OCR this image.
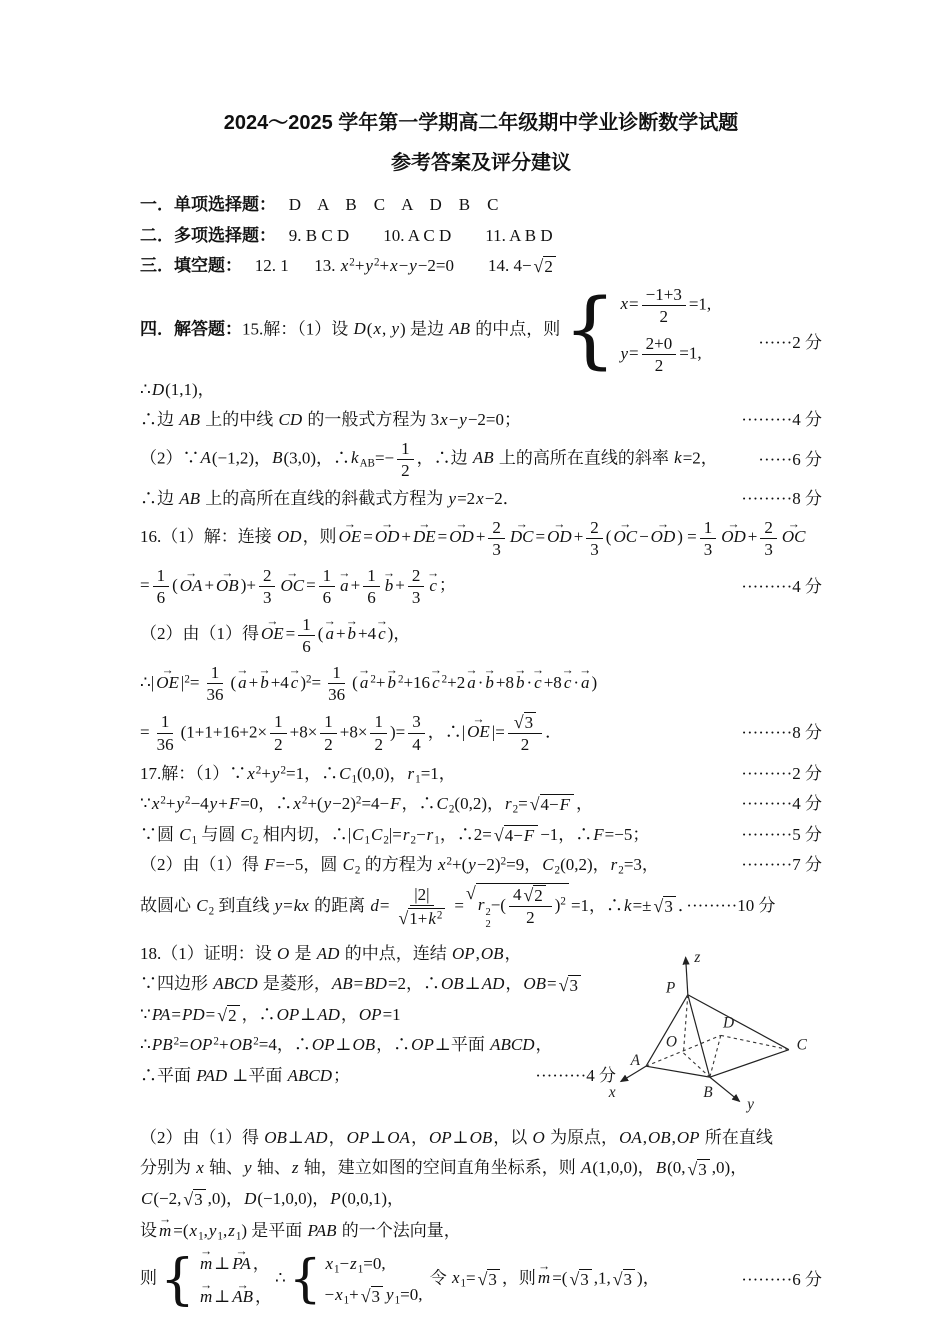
2024～2025 学年第一学期高二年级期中学业诊断数学试题
参考答案及评分建议
一．单项选择题：   D    A    B    C    A    D    B    C
二．多项选择题：   9. B C D        10. A C D        11. A B D
三．填空题：   12. 1      13. $x^2+y^2+x-y-2=0$        14. 4− √ 2
四．解答题：15.解：（1）设 D(x, y) 是边 AB 的中点，则 { $x= \frac{-1+3}{2} =1$,
$y= \frac{2+0}{2} =1$,
∴D(1,1)，
······2 分
∴边 AB 上的中线 CD 的一般式方程为 3x−y−2=0；	·········4 分
（2）∵A(−1,2)，B(3,0)，∴kAB=− $\frac{1}{2}$ ，∴边 AB 上的高所在直线的斜率 k=2， ······6 分
∴边 AB 上的高所在直线的斜截式方程为 y=2x−2．	·········8 分
16.（1）解：连接 OD，则 → OE = → OD + → DE = → OD + $\frac{2}{3}$ → DC = → OD + $\frac{2}{3}$ ( → OC − → OD ) = $\frac{1}{3}$ → OD + $\frac{2}{3}$ → OC
= $\frac{1}{6}$ ( → OA + → OB )+ $\frac{2}{3}$ → OC = $\frac{1}{6} \to a + \frac{1}{6} \to b + \frac{2}{3} \to c$ ；	·········4 分
（2）由（1）得 → OE = $\frac{1}{6}$ ( → a + → b +4 → c )，
∴| → OE $|^2= \frac{1}{36}$ ( → a + → b +4 → c )$^2= \frac{1}{36}$ ( → a $^2$+ → b $^2$+16 → c $^2$+2 → a · → b +8 → b · → c +8 → c · → a )
= $\frac{1}{36} (1+1+16+2\times \frac{1}{2} +8\times \frac{1}{2} +8\times \frac{1}{2}$ )= $\frac{3}{4}$ ，∴| → OE |= $\frac{√ 3}{2}$ ．	·········8 分
17.解：$(1)\because x^2+y^2=1$，∴C1(0,0)，r1=1，	·········2 分
$\because x^2+y^2-4y+F=0$，$\therefore x^2+(y-2)^2=4-F$，∴C2(0,2)，r2= √ 4−F ，	·········4 分
∵圆 C1 与圆 C2 相内切，∴|C1C2|=r2−r1，∴2= √ 4−F −1，∴F=−5；	·········5 分
（2）由（1）得 F=−5，圆 C2 的方程为 $x^2+(y-2)^2=9$，C2(0,2)，r2=3，	·········7 分
故圆心 C2 到直线 y=kx 的距离 $d= \frac{|2|}{√ 1+k^2}$ =
√
r 2
2
−( $\frac{4 √ 2}{2} )^2 =1$，∴k=± √ 3 ．·········10 分
18.（1）证明：设 O 是 AD 的中点，连结 OP,OB，
∵四边形 ABCD 是菱形，AB=BD=2，∴OB⊥AD，OB= √ 3
∵PA=PD= √ 2 ，∴OP⊥AD，OP=1
$\therefore PB^2=OP^2+OB^2=4$，∴OP⊥OB，∴OP⊥平面 ABCD，
∴平面 PAD ⊥平面 ABCD；	·········4 分
z
P
D
O	C
A
x	B
y
（2）由（1）得 OB⊥AD，OP⊥OA，OP⊥OB，以 O 为原点，OA,OB,OP 所在直线
分别为 x 轴、y 轴、z 轴，建立如图的空间直角坐标系，则 A(1,0,0)，B(0, √ 3 ,0)，
C(−2, √ 3 ,0)，D(−1,0,0)，P(0,0,1)，
设 → m =(x1,y1,z1) 是平面 PAB 的一个法向量，
则 { → m ⊥ → PA ，
→ m ⊥ → AB ，
∴ { x1−z1=0,
−x1+ √ 3 y1=0,
令 x1= √ 3 ，则 → m =( √ 3 ,1, √ 3 )，	·········6 分
